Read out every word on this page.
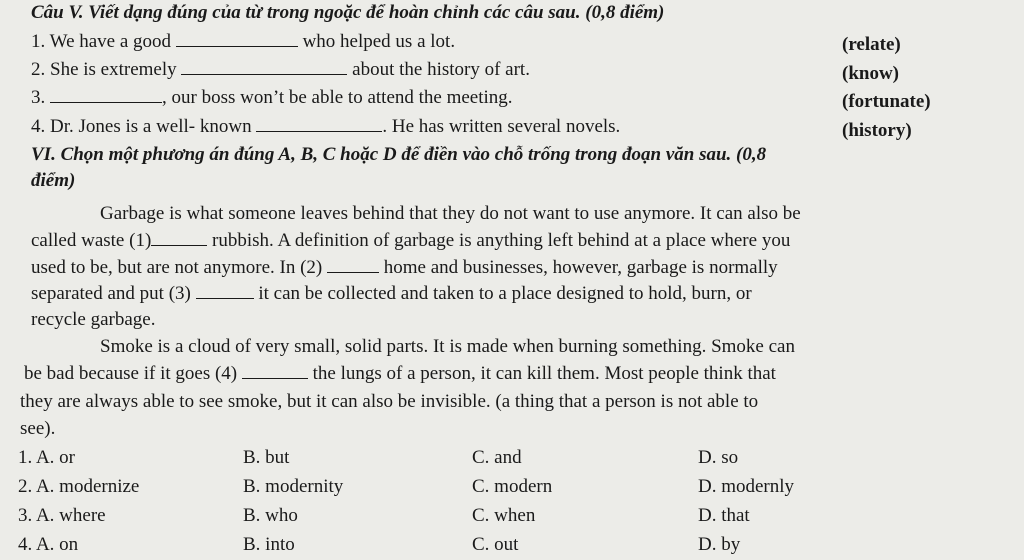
Câu V. Viết dạng đúng của từ trong ngoặc để hoàn chỉnh các câu sau. (0,8 điểm)
1. We have a good	who helped us a lot.	(relate)
2. She is extremely	about the history of art.	(know)
3.	, our boss won’t be able to attend the meeting.	(fortunate)
4. Dr. Jones is a well- known	. He has written several novels.	(history)
VI. Chọn một phương án đúng A, B, C hoặc D để điền vào chỗ trống trong đoạn văn sau. (0,8
điểm)
Garbage is what someone leaves behind that they do not want to use anymore. It can also be
called waste (1)	rubbish. A definition of garbage is anything left behind at a place where you
used to be, but are not anymore. In (2)	home and businesses, however, garbage is normally
separated and put (3)	it can be collected and taken to a place designed to hold, burn, or
recycle garbage.
Smoke is a cloud of very small, solid parts. It is made when burning something. Smoke can
be bad because if it goes (4)	the lungs of a person, it can kill them. Most people think that
they are always able to see smoke, but it can also be invisible. (a thing that a person is not able to
see).
1. A. or	B. but	C. and	D. so
2. A. modernize	B. modernity	C. modern	D. modernly
3. A. where	B. who	C. when	D. that
4. A. on	B. into	C. out	D. by
